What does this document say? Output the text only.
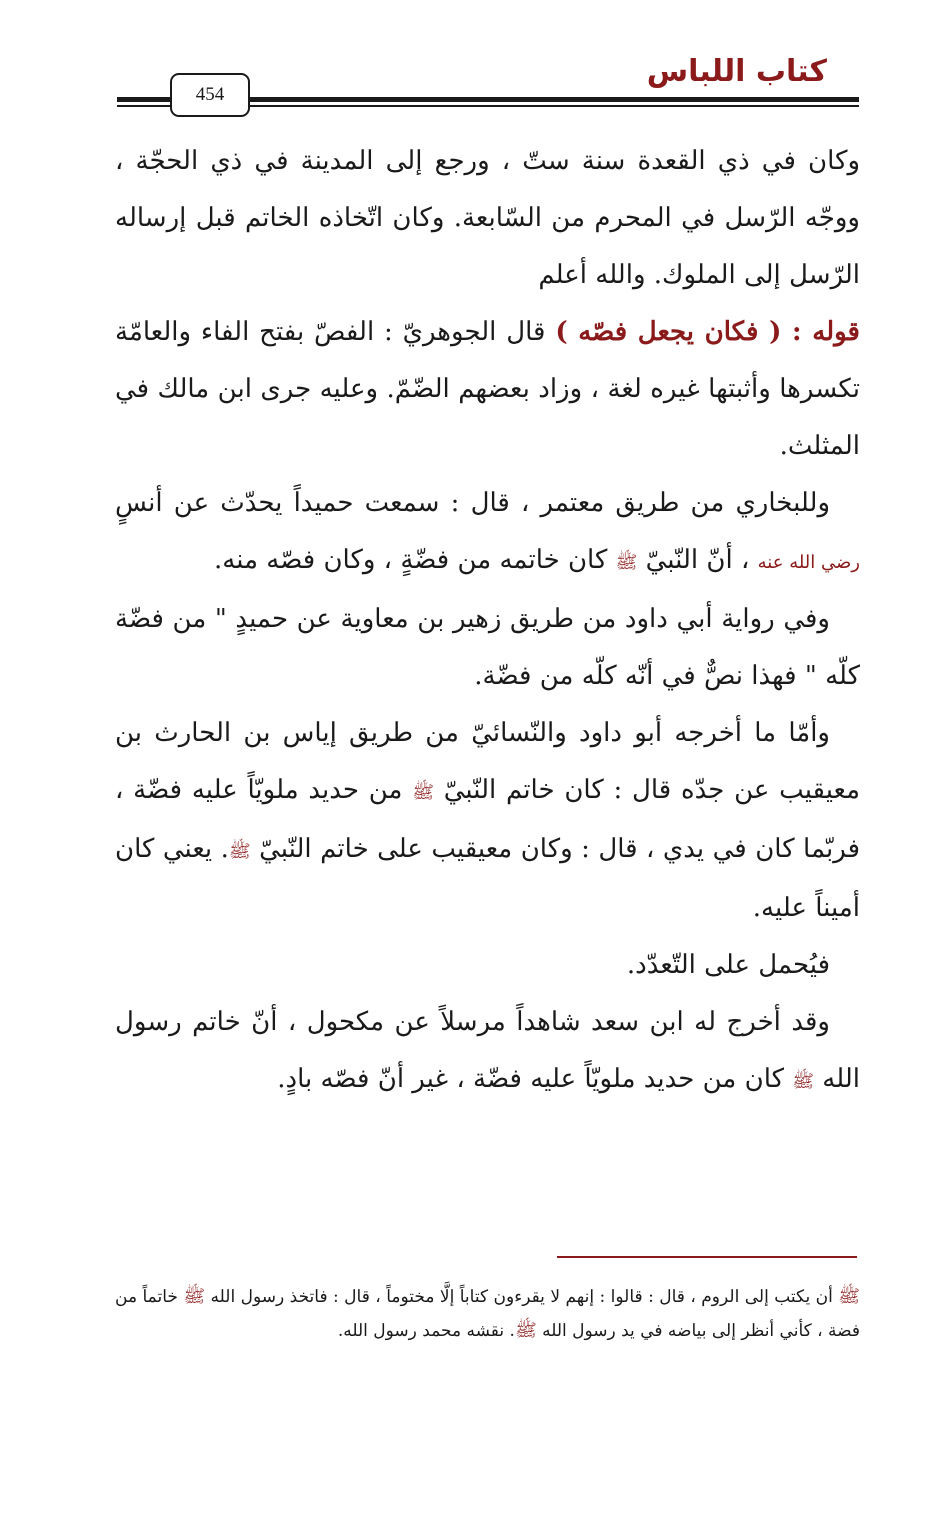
كتاب اللباس
454

وكان في ذي القعدة سنة ستّ ، ورجع إلى المدينة في ذي الحجّة ، ووجّه الرّسل في المحرم من السّابعة. وكان اتّخاذه الخاتم قبل إرساله الرّسل إلى الملوك. والله أعلم

قوله : ( فكان يجعل فصّه ) قال الجوهريّ : الفصّ بفتح الفاء والعامّة تكسرها وأثبتها غيره لغة ، وزاد بعضهم الضّمّ. وعليه جرى ابن مالك في المثلث.

وللبخاري من طريق معتمر ، قال : سمعت حميداً يحدّث عن أنسٍ رضي الله عنه ، أنّ النّبيّ ﷺ كان خاتمه من فضّةٍ ، وكان فصّه منه.

وفي رواية أبي داود من طريق زهير بن معاوية عن حميدٍ " من فضّة كلّه " فهذا نصٌّ في أنّه كلّه من فضّة.

وأمّا ما أخرجه أبو داود والنّسائيّ من طريق إياس بن الحارث بن معيقيب عن جدّه قال : كان خاتم النّبيّ ﷺ من حديد ملويّاً عليه فضّة ، فربّما كان في يدي ، قال : وكان معيقيب على خاتم النّبيّ ﷺ. يعني كان أميناً عليه.

فيُحمل على التّعدّد.

وقد أخرج له ابن سعد شاهداً مرسلاً عن مكحول ، أنّ خاتم رسول الله ﷺ كان من حديد ملويّاً عليه فضّة ، غير أنّ فصّه بادٍ.

ﷺ أن يكتب إلى الروم ، قال : قالوا : إنهم لا يقرءون كتاباً إلَّا مختوماً ، قال : فاتخذ رسول الله ﷺ خاتماً من فضة ، كأني أنظر إلى بياضه في يد رسول الله ﷺ. نقشه محمد رسول الله.
